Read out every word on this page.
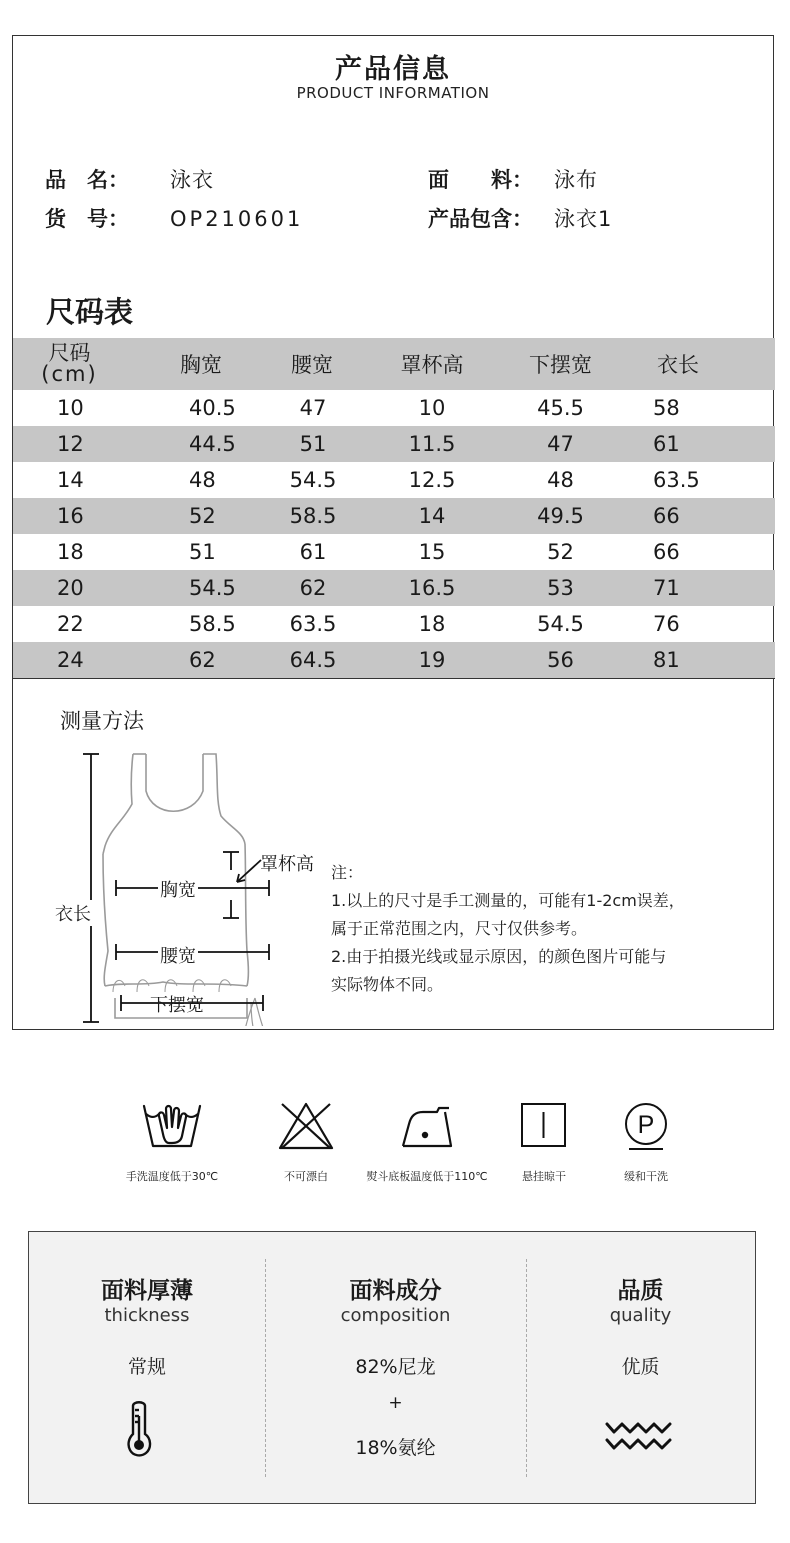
产品信息
PRODUCT INFORMATION
品　名：	泳衣	面　　料：	泳布
货　号：	OP210601	产品包含：	泳衣1
尺码表
尺码
(cm)	胸宽	腰宽	罩杯高	下摆宽	衣长
10	40.5	47	10	45.5	58
12	44.5	51	11.5	47	61
14	48	54.5	12.5	48	63.5
16	52	58.5	14	49.5	66
18	51	61	15	52	66
20	54.5	62	16.5	53	71
22	58.5	63.5	18	54.5	76
24	62	64.5	19	56	81
测量方法
衣长
胸宽
罩杯高
腰宽
下摆宽
注：
1.以上的尺寸是手工测量的，可能有1-2cm误差，
属于正常范围之内，尺寸仅供参考。
2.由于拍摄光线或显示原因，的颜色图片可能与
实际物体不同。
手洗温度低于30℃	不可漂白	熨斗底板温度低于110℃	悬挂晾干
P
缓和干洗
面料厚薄
thickness
常规
面料成分
composition
82%尼龙
+
18%氨纶
品质
quality
优质
